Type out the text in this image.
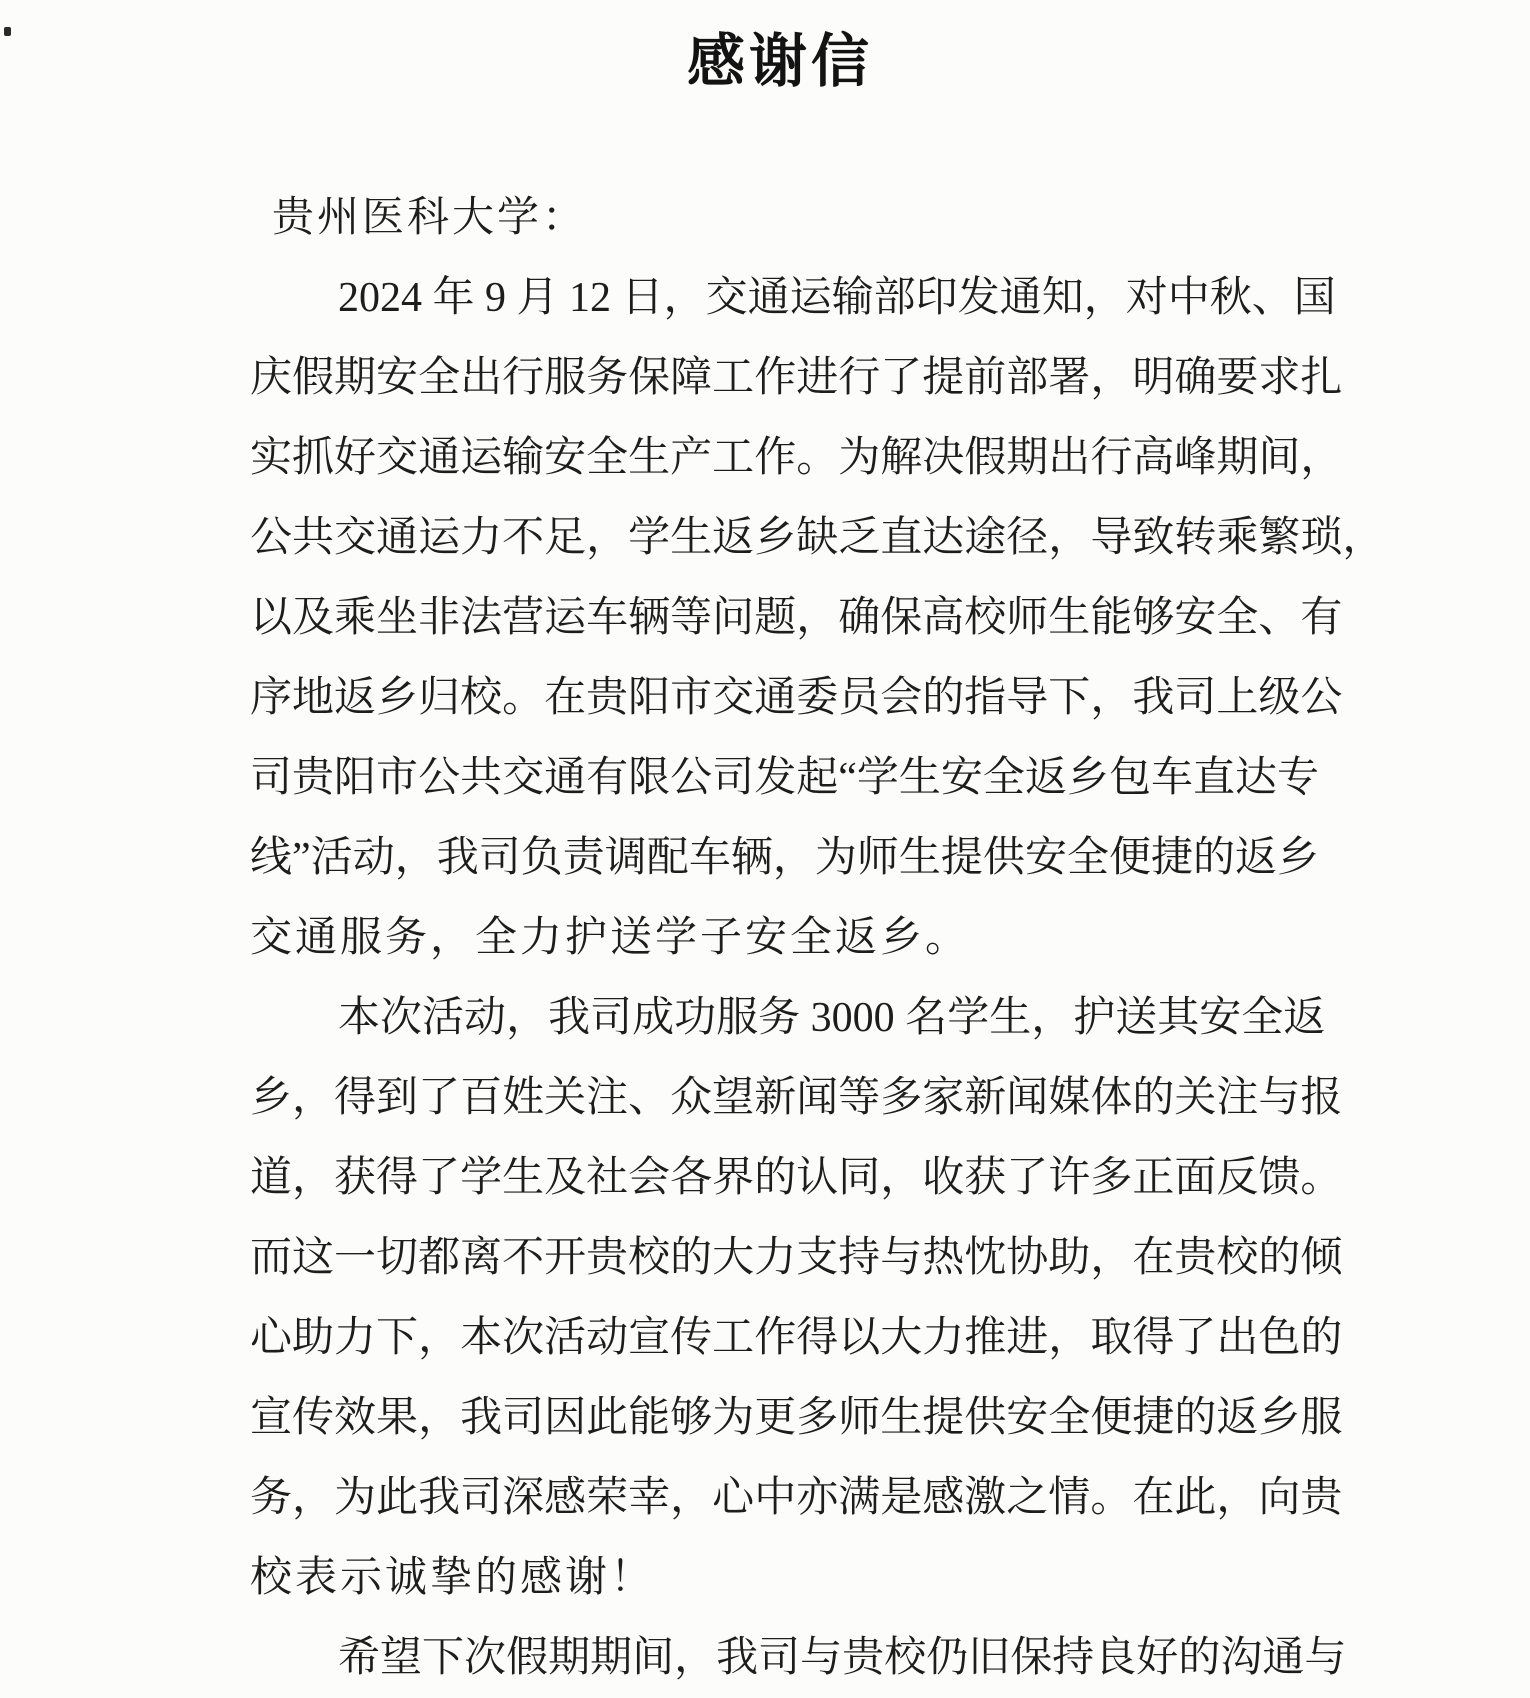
感谢信
贵州医科大学：
2024 年 9 月 12 日 ， 交 通 运 输 部 印 发 通 知 ， 对 中 秋 、 国
庆 假 期 安 全 出 行 服 务 保 障 工 作 进 行 了 提 前 部 署 ， 明 确 要 求 扎
实 抓 好 交 通 运 输 安 全 生 产 工 作 。 为 解 决 假 期 出 行 高 峰 期 间 ，
公 共 交 通 运 力 不 足 ， 学 生 返 乡 缺 乏 直 达 途 径 ， 导 致 转 乘 繁 琐 ，
以 及 乘 坐 非 法 营 运 车 辆 等 问 题 ， 确 保 高 校 师 生 能 够 安 全 、 有
序 地 返 乡 归 校 。 在 贵 阳 市 交 通 委 员 会 的 指 导 下 ， 我 司 上 级 公
司 贵 阳 市 公 共 交 通 有 限 公 司 发 起 “ 学 生 安 全 返 乡 包 车 直 达 专
线 ” 活 动 ， 我 司 负 责 调 配 车 辆 ， 为 师 生 提 供 安 全 便 捷 的 返 乡
交通服务，全力护送学子安全返乡。
本 次 活 动 ， 我 司 成 功 服 务 3000 名 学 生 ， 护 送 其 安 全 返
乡 ， 得 到 了 百 姓 关 注 、 众 望 新 闻 等 多 家 新 闻 媒 体 的 关 注 与 报
道 ， 获 得 了 学 生 及 社 会 各 界 的 认 同 ， 收 获 了 许 多 正 面 反 馈 。
而 这 一 切 都 离 不 开 贵 校 的 大 力 支 持 与 热 忱 协 助 ， 在 贵 校 的 倾
心 助 力 下 ， 本 次 活 动 宣 传 工 作 得 以 大 力 推 进 ， 取 得 了 出 色 的
宣 传 效 果 ， 我 司 因 此 能 够 为 更 多 师 生 提 供 安 全 便 捷 的 返 乡 服
务 ， 为 此 我 司 深 感 荣 幸 ， 心 中 亦 满 是 感 激 之 情 。 在 此 ， 向 贵
校表示诚挚的感谢！
希 望 下 次 假 期 期 间 ， 我 司 与 贵 校 仍 旧 保 持 良 好 的 沟 通 与
